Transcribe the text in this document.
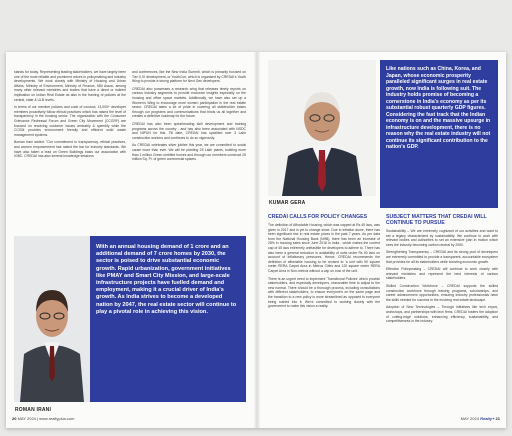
stands for today. Representing leading stakeholders, we have largely been one of the most reliable and prominent voices in policymaking and industry developments. We work closely with Ministry of Housing and Urban Affairs, Ministry of Environment, Ministry of Finance, NBI Assoc, among many other relevant ministries and bodies that have a direct or indirect implication on Indian Real Estate as also in the framing of policies at the central, state & ULB levels.

In terms of our member policies and code of conduct, 13,000+ developer members proactively follow ethical practices which has raised the level of transparency in the housing sector. The organization with the Consumer Grievance Redressal Forum and Green City Movement (CCGRF) are focused on resolving customer issues amicably & speedily while the CCGM provides environment friendly and efficient solid waste management systems.

Boman Irani added: "Our commitment to transparency, ethical practices, and women empowerment has raised the bar for industry standards. We have also taken a lead on Green Buildings basis our association with IGBC. CREDAI has also several knowledge sessions

and conferences, like the New India Summit, which is primarily focused on Tier II, III development, or YouthCon, which is organised by CREDAI's Youth Wing to provide a strong platform for Next Gen developers.

CREDAI also possesses a research wing that releases timely reports on various industry segments to provide exclusive insights especially on the housing and office space markets. Additionally, we have also set up a Women's Wing to encourage more women participation in the real estate sector. CREDAI takes a lot of pride in covering all stakeholder bases through our programs and communications that binds us all together and creates a definitive roadmap for the future.

CREDAI has also been spearheading skill development and training programs across the country - and has also been associated with NSDC and NIPUN for this. Till date, CREDAI has upskilled over 3 Lakh construction workers and continues to do so vigorously.

As CREDAI celebrates silver jubilee this year, we are committed to social cause more than ever. We will be planting 25 Lakh plants, building more than 1 million Green certified homes and through our members construct 25 million Sq. Ft. of green commercial spaces.

With an annual housing demand of 1 crore and an additional demand of 7 crore homes by 2030, the sector is poised to drive substantial economic growth. Rapid urbanization, government initiatives like PMAY and Smart City Mission, and large-scale infrastructure projects have fuelled demand and employment, making it a crucial driver of India's growth. As India strives to become a developed nation by 2047, the real estate sector will continue to play a pivotal role in achieving this vision.
ROMAN IRANI
KUMAR GERA
Like nations such as China, Korea, and Japan, whose economic prosperity paralleled significant surges in real estate growth, now India is following suit. The industry holds promise of becoming a cornerstone in India's economy as per its substantial robust quarterly GDP figures. Considering the fast track that the Indian economy is on and the massive upsurge in infrastructure development, there is no reason why the real estate industry will not continue its significant contribution to the nation's GDP.
CREDAI CALLS FOR POLICY CHANGES

The definition of Affordable Housing, which was capped at Rs 45 lacs, was given in 2017 and is yet to change since. Due to inflation alone, there has been significant rise in real estate prices in the past 7 years. As per data from the National Housing Bank (NHB), there has been an increase of 28% in housing sales since June 2018 in India - which makes the current cap of 45 lacs extremely unfeasible for developers to adhere to. There has also been a general reduction in availability of units under Rs 50 lacs on account of inflationary pressures. Hence, CREDAI recommends the definition of affordable housing to be revised to 'a unit with 90 square meter RERA Carpet Area in Metros Cities and 120 square meter RERA Carpet Area in Non-metros without a cap on cost of the unit.

There is an urgent need to implement 'Transitional Policies' which provide stakeholders, and especially developers, reasonable time to adjust to the new normal. There should be a thorough process, including consultations with different stakeholders, to ensure everyone's on the same page and the transition to a new policy is more streamlined as opposed to everyone being rushed into it. We're committed to working closely with the government to make this vision a reality.

SUBJECT MATTERS THAT CREDAI WILL CONTINUE TO PURSUE

Sustainability – We are extremely cognizant of our activities and want to set a legacy characterized by sustainability. We continue to work with relevant bodies and authorities to set an extensive plan in motion which sees the industry becoming carbon neutral by 2050.

Strengthening Transparency – CREDAI and its strong pool of developers are extremely committed to provide a transparent, accountable ecosystem that provides for all its stakeholders while boosting economic growth.

Effective Policymaking – CREDAI will continue to work closely with relevant ministries and represent the best interests of various stakeholders.

Skilled Construction Workforce – CREDAI supports the skilled construction workforce through training programs, scholarships, and career advancement opportunities, ensuring industry professionals have the skills needed for success in the evolving real estate landscape.

Adoption of New Technologies – Through initiatives like tech expos, workshops, and partnerships with tech firms, CREDAI fosters the adoption of cutting-edge solutions, enhancing efficiency, sustainability, and competitiveness in the industry.

20 MAY 2024 | www.realtyplus.com	MAY 2024 Realty+ 21
